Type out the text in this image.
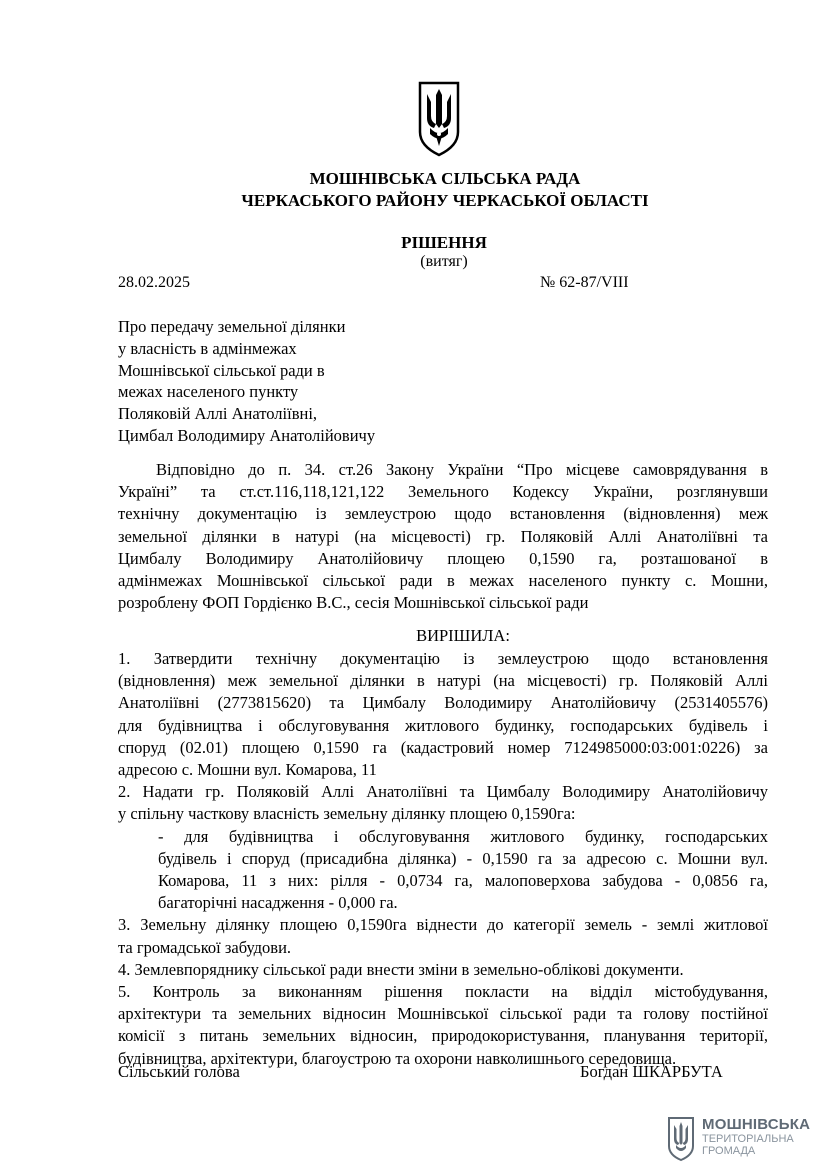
МОШНІВСЬКА СІЛЬСЬКА РАДА
ЧЕРКАСЬКОГО РАЙОНУ ЧЕРКАСЬКОЇ ОБЛАСТІ
РІШЕННЯ
(витяг)
28.02.2025	№ 62-87/VIII
Про передачу земельної ділянки
у власність в адмінмежах
Мошнівської сільської ради в
межах населеного пункту
Поляковій Аллі Анатоліївні,
Цимбал Володимиру Анатолійовичу
Відповідно до п. 34. ст.26 Закону України “Про місцеве самоврядування в
Україні” та ст.ст.116,118,121,122 Земельного Кодексу України, розглянувши
технічну документацію із землеустрою щодо встановлення (відновлення) меж
земельної ділянки в натурі (на місцевості) гр. Поляковій Аллі Анатоліївні та
Цимбалу Володимиру Анатолійовичу площею 0,1590 га, розташованої в
адмінмежах Мошнівської сільської ради в межах населеного пункту с. Мошни,
розроблену ФОП Гордієнко В.С., сесія Мошнівської сільської ради
ВИРІШИЛА:
1. Затвердити технічну документацію із землеустрою щодо встановлення
(відновлення) меж земельної ділянки в натурі (на місцевості) гр. Поляковій Аллі
Анатоліївні (2773815620) та Цимбалу Володимиру Анатолійовичу (2531405576)
для будівництва і обслуговування житлового будинку, господарських будівель і
споруд (02.01) площею 0,1590 га (кадастровий номер 7124985000:03:001:0226) за
адресою с. Мошни вул. Комарова, 11
2. Надати гр. Поляковій Аллі Анатоліївні та Цимбалу Володимиру Анатолійовичу
у спільну часткову власність земельну ділянку площею 0,1590га:
- для будівництва і обслуговування житлового будинку, господарських
будівель і споруд (присадибна ділянка) - 0,1590 га за адресою с. Мошни вул.
Комарова, 11 з них: рілля - 0,0734 га, малоповерхова забудова - 0,0856 га,
багаторічні насадження - 0,000 га.
3. Земельну ділянку площею 0,1590га віднести до категорії земель - землі житлової
та громадської забудови.
4. Землевпоряднику сільської ради внести зміни в земельно-облікові документи.
5. Контроль за виконанням рішення покласти на відділ містобудування,
архітектури та земельних відносин Мошнівської сільської ради та голову постійної
комісії з питань земельних відносин, природокористування, планування території,
будівництва, архітектури, благоустрою та охорони навколишнього середовища.
Сільський голова	Богдан ШКАРБУТА
МОШНІВСЬКА
ТЕРИТОРІАЛЬНА
ГРОМАДА
